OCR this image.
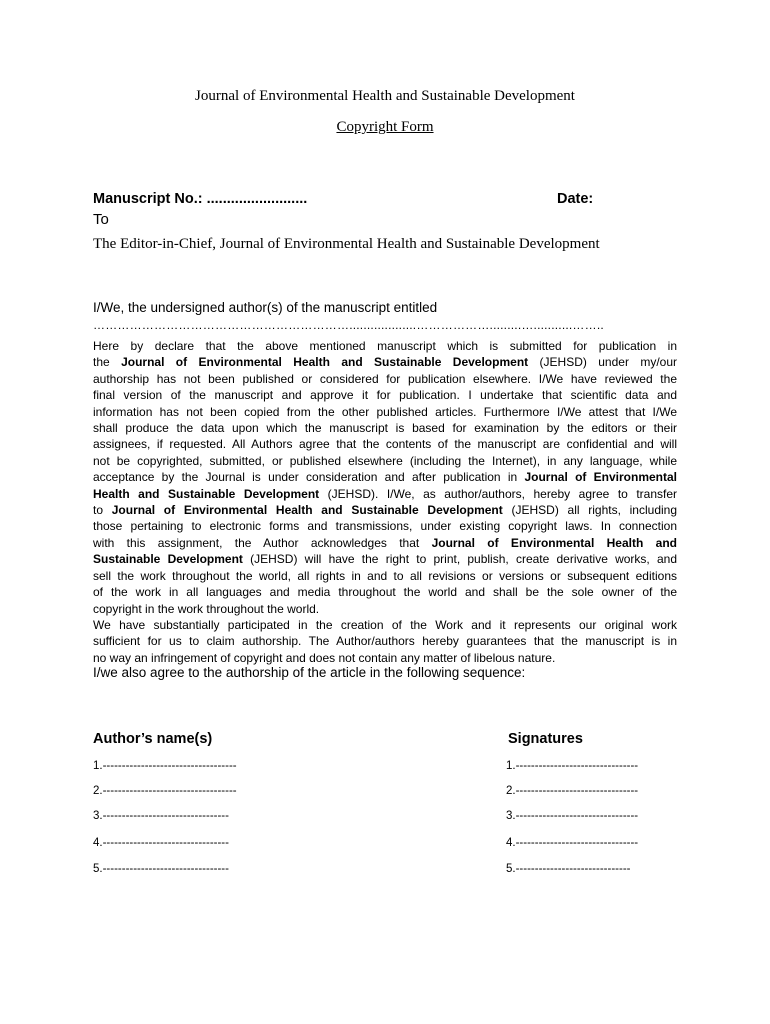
Journal of Environmental Health and Sustainable Development
Copyright Form
Manuscript No.: .........................	Date:
To
The Editor-in-Chief, Journal of Environmental Health and Sustainable Development
I/We, the undersigned author(s) of the manuscript entitled
………………………………………………………...................……………….........…...........……..
Here by declare that the above mentioned manuscript which is submitted for publication in
the Journal of Environmental Health and Sustainable Development (JEHSD) under my/our
authorship has not been published or considered for publication elsewhere. I/We have reviewed the
final version of the manuscript and approve it for publication. I undertake that scientific data and
information has not been copied from the other published articles. Furthermore I/We attest that I/We
shall produce the data upon which the manuscript is based for examination by the editors or their
assignees, if requested. All Authors agree that the contents of the manuscript are confidential and will
not be copyrighted, submitted, or published elsewhere (including the Internet), in any language, while
acceptance by the Journal is under consideration and after publication in Journal of Environmental
Health and Sustainable Development (JEHSD). I/We, as author/authors, hereby agree to transfer
to Journal of Environmental Health and Sustainable Development (JEHSD) all rights, including
those pertaining to electronic forms and transmissions, under existing copyright laws. In connection
with this assignment, the Author acknowledges that Journal of Environmental Health and
Sustainable Development (JEHSD) will have the right to print, publish, create derivative works, and
sell the work throughout the world, all rights in and to all revisions or versions or subsequent editions
of the work in all languages and media throughout the world and shall be the sole owner of the
copyright in the work throughout the world.
We have substantially participated in the creation of the Work and it represents our original work
sufficient for us to claim authorship. The Author/authors hereby guarantees that the manuscript is in
no way an infringement of copyright and does not contain any matter of libelous nature.
I/we also agree to the authorship of the article in the following sequence:
Author’s name(s)	Signatures
1.-----------------------------------
2.-----------------------------------
3.---------------------------------
4.---------------------------------
5.---------------------------------
1.--------------------------------
2.--------------------------------
3.--------------------------------
4.--------------------------------
5.------------------------------
